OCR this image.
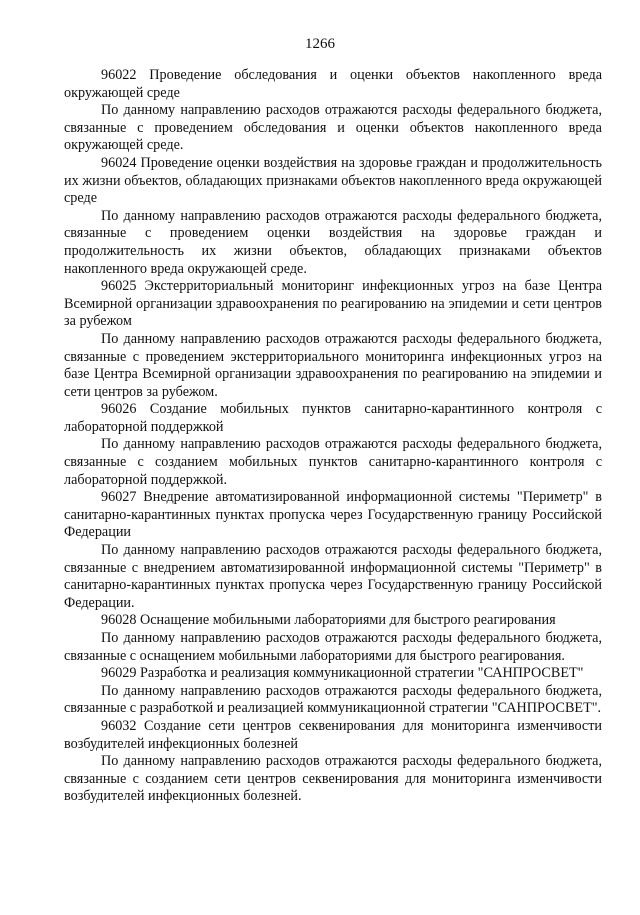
1266

96022 Проведение обследования и оценки объектов накопленного вреда окружающей среде

По данному направлению расходов отражаются расходы федерального бюджета, связанные с проведением обследования и оценки объектов накопленного вреда окружающей среде.

96024 Проведение оценки воздействия на здоровье граждан и продолжительность их жизни объектов, обладающих признаками объектов накопленного вреда окружающей среде

По данному направлению расходов отражаются расходы федерального бюджета, связанные с проведением оценки воздействия на здоровье граждан и продолжительность их жизни объектов, обладающих признаками объектов накопленного вреда окружающей среде.

96025 Экстерриториальный мониторинг инфекционных угроз на базе Центра Всемирной организации здравоохранения по реагированию на эпидемии и сети центров за рубежом

По данному направлению расходов отражаются расходы федерального бюджета, связанные с проведением экстерриториального мониторинга инфекционных угроз на базе Центра Всемирной организации здравоохранения по реагированию на эпидемии и сети центров за рубежом.

96026 Создание мобильных пунктов санитарно-карантинного контроля с лабораторной поддержкой

По данному направлению расходов отражаются расходы федерального бюджета, связанные с созданием мобильных пунктов санитарно-карантинного контроля с лабораторной поддержкой.

96027 Внедрение автоматизированной информационной системы "Периметр" в санитарно-карантинных пунктах пропуска через Государственную границу Российской Федерации

По данному направлению расходов отражаются расходы федерального бюджета, связанные с внедрением автоматизированной информационной системы "Периметр" в санитарно-карантинных пунктах пропуска через Государственную границу Российской Федерации.

96028 Оснащение мобильными лабораториями для быстрого реагирования

По данному направлению расходов отражаются расходы федерального бюджета, связанные с оснащением мобильными лабораториями для быстрого реагирования.

96029 Разработка и реализация коммуникационной стратегии "САНПРОСВЕТ"

По данному направлению расходов отражаются расходы федерального бюджета, связанные с разработкой и реализацией коммуникационной стратегии "САНПРОСВЕТ".

96032 Создание сети центров секвенирования для мониторинга изменчивости возбудителей инфекционных болезней

По данному направлению расходов отражаются расходы федерального бюджета, связанные с созданием сети центров секвенирования для мониторинга изменчивости возбудителей инфекционных болезней.
